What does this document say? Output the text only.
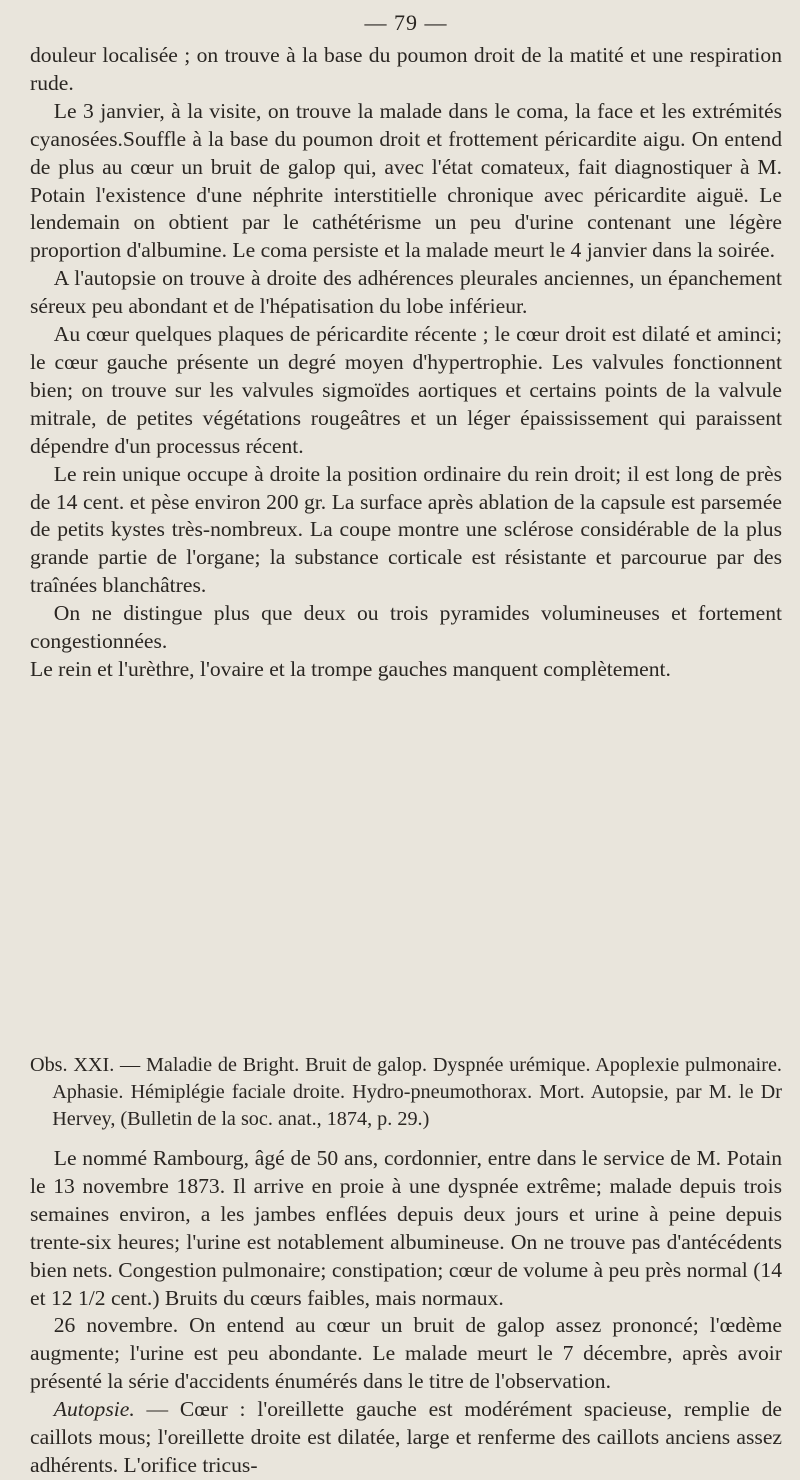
— 79 —

douleur localisée ; on trouve à la base du poumon droit de la matité et une respiration rude.

Le 3 janvier, à la visite, on trouve la malade dans le coma, la face et les extrémités cyanosées.Souffle à la base du poumon droit et frottement péricardite aigu. On entend de plus au cœur un bruit de galop qui, avec l'état comateux, fait diagnostiquer à M. Potain l'existence d'une néphrite interstitielle chronique avec péricardite aiguë. Le lendemain on obtient par le cathétérisme un peu d'urine contenant une légère proportion d'albumine. Le coma persiste et la malade meurt le 4 janvier dans la soirée.

A l'autopsie on trouve à droite des adhérences pleurales anciennes, un épanchement séreux peu abondant et de l'hépatisation du lobe inférieur.

Au cœur quelques plaques de péricardite récente ; le cœur droit est dilaté et aminci; le cœur gauche présente un degré moyen d'hypertrophie. Les valvules fonctionnent bien; on trouve sur les valvules sigmoïdes aortiques et certains points de la valvule mitrale, de petites végétations rougeâtres et un léger épaississement qui paraissent dépendre d'un processus récent.

Le rein unique occupe à droite la position ordinaire du rein droit; il est long de près de 14 cent. et pèse environ 200 gr. La surface après ablation de la capsule est parsemée de petits kystes très-nombreux. La coupe montre une sclérose considérable de la plus grande partie de l'organe; la substance corticale est résistante et parcourue par des traînées blanchâtres.

On ne distingue plus que deux ou trois pyramides volumineuses et fortement congestionnées.

Le rein et l'urèthre, l'ovaire et la trompe gauches manquent complètement.

Obs. XXI. — Maladie de Bright. Bruit de galop. Dyspnée urémique. Apoplexie pulmonaire. Aphasie. Hémiplégie faciale droite. Hydro-pneumothorax. Mort. Autopsie, par M. le Dr Hervey, (Bulletin de la soc. anat., 1874, p. 29.)

Le nommé Rambourg, âgé de 50 ans, cordonnier, entre dans le service de M. Potain le 13 novembre 1873. Il arrive en proie à une dyspnée extrême; malade depuis trois semaines environ, a les jambes enflées depuis deux jours et urine à peine depuis trente-six heures; l'urine est notablement albumineuse. On ne trouve pas d'antécédents bien nets. Congestion pulmonaire; constipation; cœur de volume à peu près normal (14 et 12 1/2 cent.) Bruits du cœurs faibles, mais normaux.

26 novembre. On entend au cœur un bruit de galop assez prononcé; l'œdème augmente; l'urine est peu abondante. Le malade meurt le 7 décembre, après avoir présenté la série d'accidents énumérés dans le titre de l'observation.

Autopsie. — Cœur : l'oreillette gauche est modérément spacieuse, remplie de caillots mous; l'oreillette droite est dilatée, large et renferme des caillots anciens assez adhérents. L'orifice tricus-
